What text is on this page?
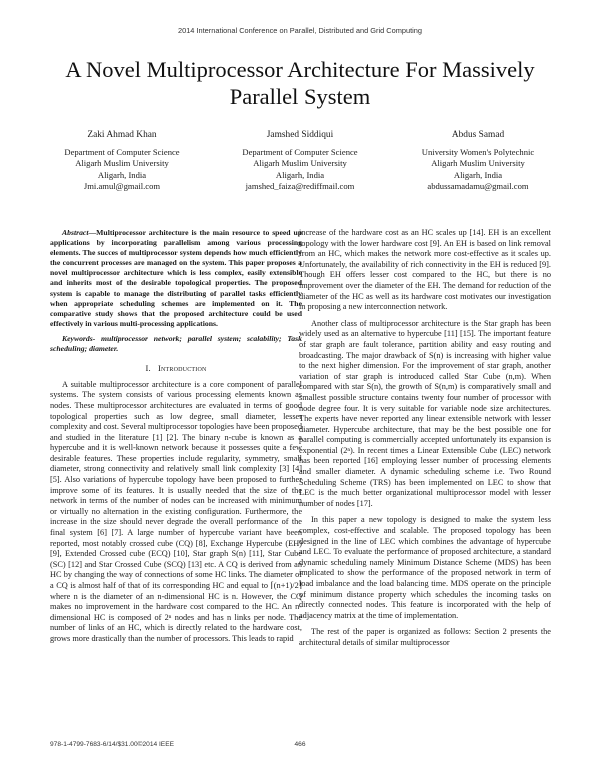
2014 International Conference on Parallel, Distributed and Grid Computing
A Novel Multiprocessor Architecture For Massively Parallel System
Zaki Ahmad Khan
Department of Computer Science
Aligarh Muslim University
Aligarh, India
Jmi.amul@gmail.com
Jamshed Siddiqui
Department of Computer Science
Aligarh Muslim University
Aligarh, India
jamshed_faiza@rediffmail.com
Abdus Samad
University Women's Polytechnic
Aligarh Muslim University
Aligarh, India
abdussamadamu@gmail.com

Abstract—Multiprocessor architecture is the main resource to speed up applications by incorporating parallelism among various processing elements. The succes of multiprocessor system depends how much efficiently the concurrent processes are managed on the system. This paper proposes a novel multiprocessor architecture which is less complex, easily extensible and inherits most of the desirable topological properties. The proposed system is capable to manage the distributing of parallel tasks efficiently when appropriate scheduling schemes are implemented on it. The comparative study shows that the proposed architecture could be used effectively in various multi-processing applications.

Keywords- multiprocessor network; parallel system; scalability; Task scheduling; diameter.

I. Introduction

A suitable multiprocessor architecture is a core component of parallel systems. The system consists of various processing elements known as nodes. These multiprocessor architectures are evaluated in terms of good topological properties such as low degree, small diameter, lesser complexity and cost. Several multiprocessor topologies have been proposed and studied in the literature [1] [2]. The binary n-cube is known as a hypercube and it is well-known network because it possesses quite a few desirable features. These properties include regularity, symmetry, small diameter, strong connectivity and relatively small link complexity [3] [4] [5]. Also variations of hypercube topology have been proposed to further improve some of its features. It is usually needed that the size of the network in terms of the number of nodes can be increased with minimum or virtually no alternation in the existing configuration. Furthermore, the increase in the size should never degrade the overall performance of the final system [6] [7]. A large number of hypercube variant have been reported, most notably crossed cube (CQ) [8], Exchange Hypercube (EH) [9], Extended Crossed cube (ECQ) [10], Star graph S(n) [11], Star Cube (SC) [12] and Star Crossed Cube (SCQ) [13] etc. A CQ is derived from an HC by changing the way of connections of some HC links. The diameter of a CQ is almost half of that of its corresponding HC and equal to ⌈(n+1)/2⌉ where n is the diameter of an n-dimensional HC is n. However, the CQ makes no improvement in the hardware cost compared to the HC. An n-dimensional HC is composed of 2ⁿ nodes and has n links per node. The number of links of an HC, which is directly related to the hardware cost, grows more drastically than the number of processors. This leads to rapid

increase of the hardware cost as an HC scales up [14]. EH is an excellent topology with the lower hardware cost [9]. An EH is based on link removal from an HC, which makes the network more cost-effective as it scales up. Unfortunately, the availability of rich connectivity in the EH is reduced [9]. Though EH offers lesser cost compared to the HC, but there is no improvement over the diameter of the EH. The demand for reduction of the diameter of the HC as well as its hardware cost motivates our investigation in proposing a new interconnection network.

Another class of multiprocessor architecture is the Star graph has been widely used as an alternative to hypercube [11] [15]. The important feature of star graph are fault tolerance, partition ability and easy routing and broadcasting. The major drawback of S(n) is increasing with higher value to the next higher dimension. For the improvement of star graph, another variation of star graph is introduced called Star Cube (n,m). When compared with star S(n), the growth of S(n,m) is comparatively small and smallest possible structure contains twenty four number of processor with node degree four. It is very suitable for variable node size architectures. The experts have never reported any linear extensible network with lesser diameter. Hypercube architecture, that may be the best possible one for parallel computing is commercially accepted unfortunately its expansion is exponential (2ⁿ). In recent times a Linear Extensible Cube (LEC) network has been reported [16] employing lesser number of processing elements and smaller diameter. A dynamic scheduling scheme i.e. Two Round Scheduling Scheme (TRS) has been implemented on LEC to show that LEC is the much better organizational multiprocessor model with lesser number of nodes [17].

In this paper a new topology is designed to make the system less complex, cost-effective and scalable. The proposed topology has been designed in the line of LEC which combines the advantage of hypercube and LEC. To evaluate the performance of proposed architecture, a standard dynamic scheduling namely Minimum Distance Scheme (MDS) has been implicated to show the performance of the proposed network in term of load imbalance and the load balancing time. MDS operate on the principle of minimum distance property which schedules the incoming tasks on directly connected nodes. This feature is incorporated with the help of adjacency matrix at the time of implementation.

The rest of the paper is organized as follows: Section 2 presents the architectural details of similar multiprocessor

978-1-4799-7683-6/14/$31.00©2014 IEEE	466
